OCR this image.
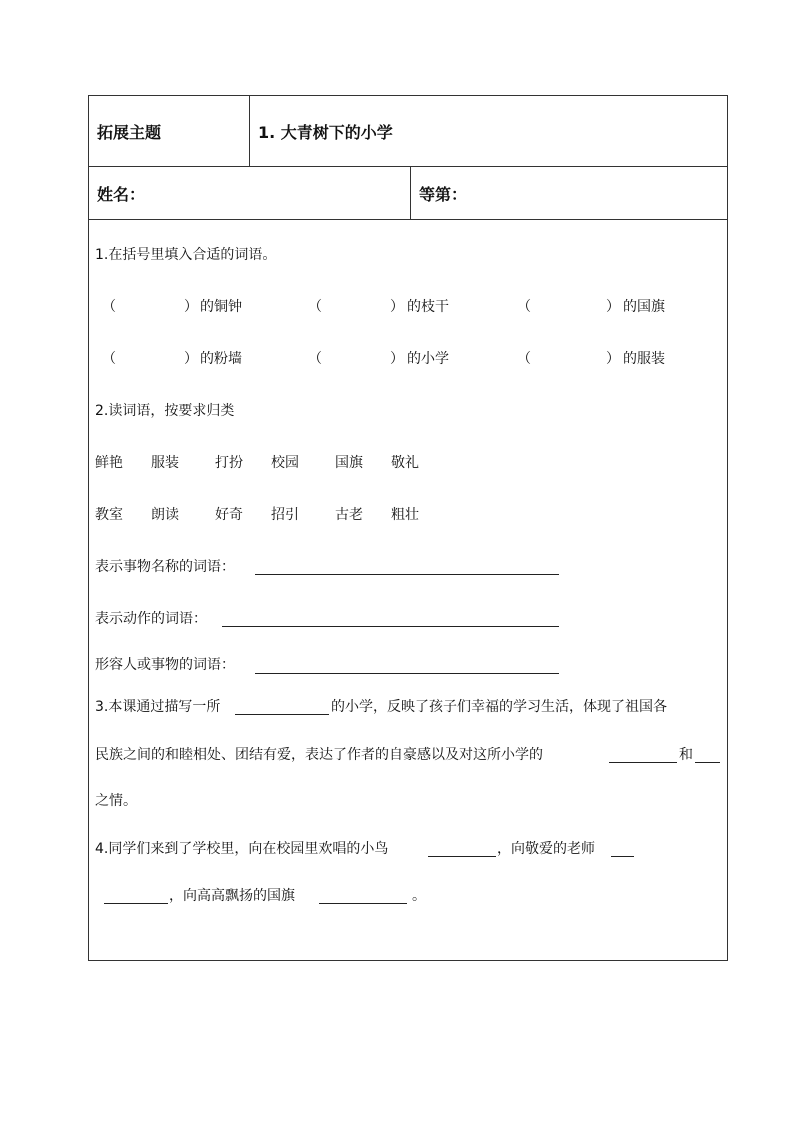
拓展主题	1. 大青树下的小学
姓名：	等第：
1.在括号里填入合适的词语。
（	） 的铜钟	（	） 的枝干	（	） 的国旗
（	） 的粉墙	（	） 的小学	（	） 的服装
2.读词语，按要求归类
鲜艳 服装	打扮 校园	国旗 敬礼
教室 朗读	好奇 招引	古老 粗壮
表示事物名称的词语：
表示动作的词语：
形容人或事物的词语：
3.本课通过描写一所	的小学，反映了孩子们幸福的学习生活，体现了祖国各
民族之间的和睦相处、团结有爱，表达了作者的自豪感以及对这所小学的	和
之情。
4.同学们来到了学校里，向在校园里欢唱的小鸟	，向敬爱的老师
，向高高飘扬的国旗	。
